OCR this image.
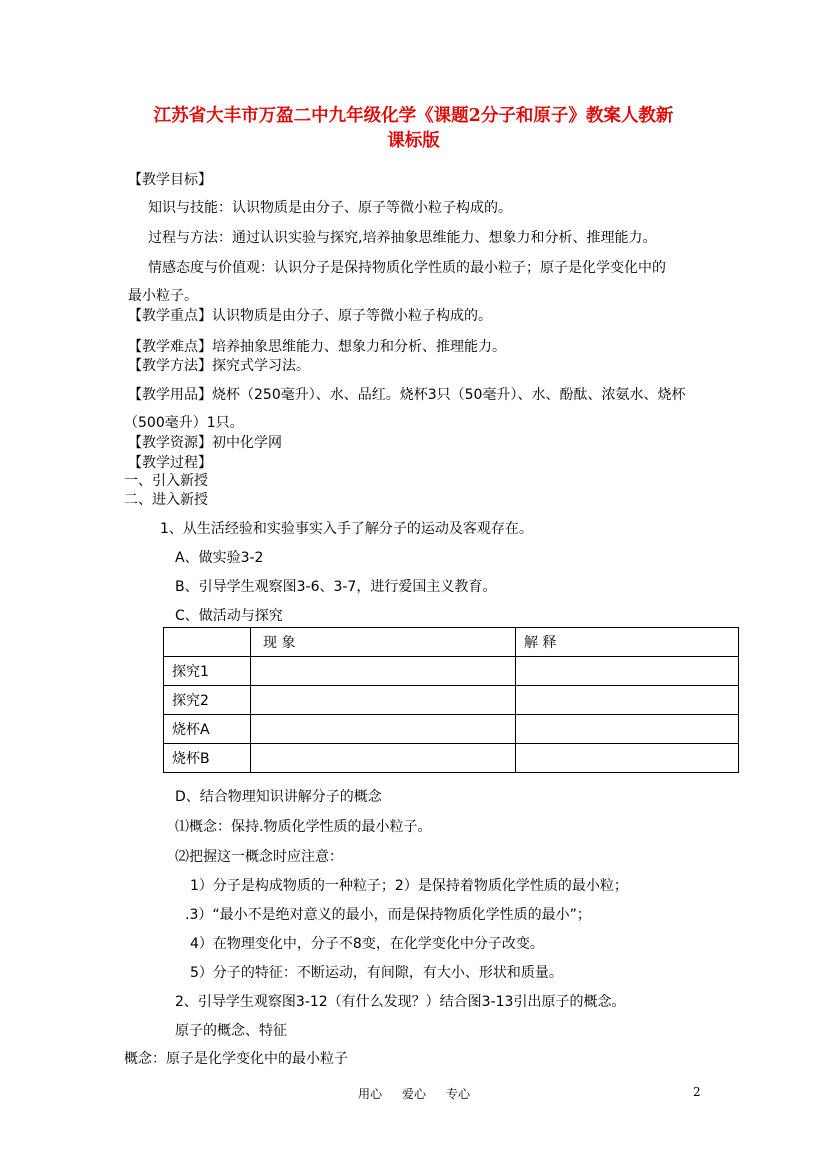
江苏省大丰市万盈二中九年级化学《课题2分子和原子》教案人教新
课标版
【教学目标】
知识与技能：认识物质是由分子、原子等微小粒子构成的。
过程与方法：通过认识实验与探究,培养抽象思维能力、想象力和分析、推理能力。
情感态度与价值观：认识分子是保持物质化学性质的最小粒子；原子是化学变化中的
最小粒子。
【教学重点】认识物质是由分子、原子等微小粒子构成的。
【教学难点】培养抽象思维能力、想象力和分析、推理能力。
【教学方法】探究式学习法。
【教学用品】烧杯（250毫升）、水、品红。烧杯3只（50毫升）、水、酚酞、浓氨水、烧杯
（500毫升）1只。
【教学资源】初中化学网
【教学过程】
一、引入新授
二、进入新授
1、从生活经验和实验事实入手了解分子的运动及客观存在。
A、做实验3-2
B、引导学生观察图3-6、3-7，进行爱国主义教育。
C、做活动与探究
	现 象	解 释
探究1		
探究2		
烧杯A		
烧杯B		
D、结合物理知识讲解分子的概念
⑴概念：保持.物质化学性质的最小粒子。
⑵把握这一概念时应注意：
1）分子是构成物质的一种粒子；2）是保持着物质化学性质的最小粒；
.3）“最小不是绝对意义的最小，而是保持物质化学性质的最小”；
4）在物理变化中，分子不8变，在化学变化中分子改变。
5）分子的特征：不断运动，有间隙，有大小、形状和质量。
2、引导学生观察图3-12（有什么发现？）结合图3-13引出原子的概念。
原子的概念、特征
概念：原子是化学变化中的最小粒子
用心 爱心 专心	2
